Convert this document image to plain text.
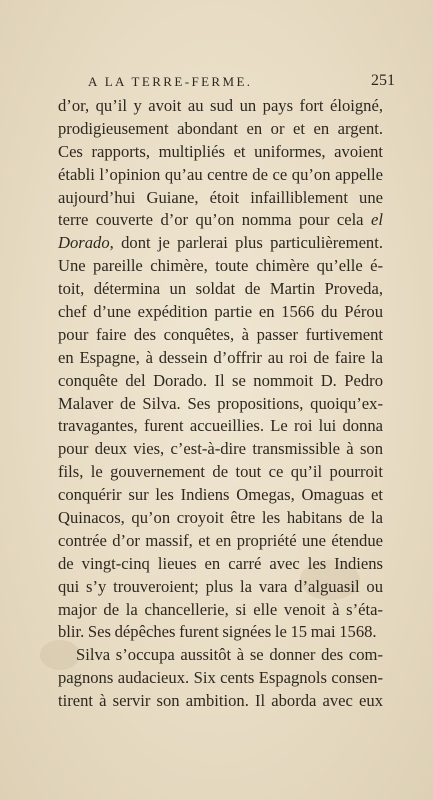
A LA TERRE-FERME.	251
d’or, qu’il y avoit au sud un pays fort éloigné,
prodigieusement abondant en or et en argent.
Ces rapports, multipliés et uniformes, avoient
établi l’opinion qu’au centre de ce qu’on appelle
aujourd’hui Guiane, étoit infailliblement une
terre couverte d’or qu’on nomma pour cela el
Dorado, dont je parlerai plus particulièrement.
Une pareille chimère, toute chimère qu’elle é-
toit, détermina un soldat de Martin Proveda,
chef d’une expédition partie en 1566 du Pérou
pour faire des conquêtes, à passer furtivement
en Espagne, à dessein d’offrir au roi de faire la
conquête del Dorado. Il se nommoit D. Pedro
Malaver de Silva. Ses propositions, quoiqu’ex-
travagantes, furent accueillies. Le roi lui donna
pour deux vies, c’est-à-dire transmissible à son
fils, le gouvernement de tout ce qu’il pourroit
conquérir sur les Indiens Omegas, Omaguas et
Quinacos, qu’on croyoit être les habitans de la
contrée d’or massif, et en propriété une étendue
de vingt-cinq lieues en carré avec les Indiens
qui s’y trouveroient; plus la vara d’alguasil ou
major de la chancellerie, si elle venoit à s’éta-
blir. Ses dépêches furent signées le 15 mai 1568.
Silva s’occupa aussitôt à se donner des com-
pagnons audacieux. Six cents Espagnols consen-
tirent à servir son ambition. Il aborda avec eux
